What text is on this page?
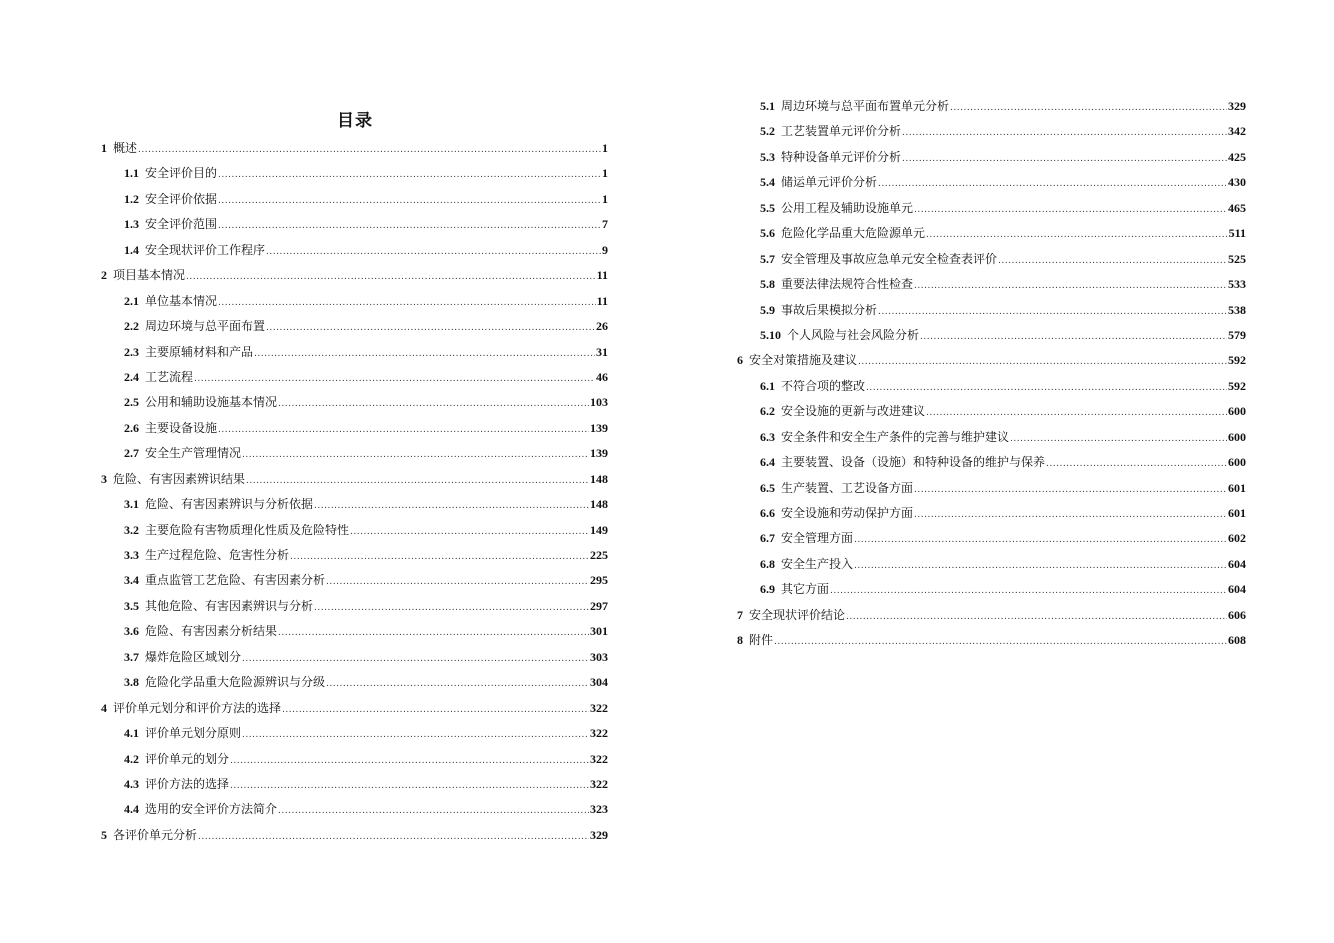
目录
1 概述 .....	1
1.1 安全评价目的 .....	1
1.2 安全评价依据 .....	1
1.3 安全评价范围 .....	7
1.4 安全现状评价工作程序 .....	9
2 项目基本情况 .....	11
2.1 单位基本情况 .....	11
2.2 周边环境与总平面布置 .....	26
2.3 主要原辅材料和产品 .....	31
2.4 工艺流程 .....	46
2.5 公用和辅助设施基本情况 .....	103
2.6 主要设备设施 .....	139
2.7 安全生产管理情况 .....	139
3 危险、有害因素辨识结果 .....	148
3.1 危险、有害因素辨识与分析依据 .....	148
3.2 主要危险有害物质理化性质及危险特性 .....	149
3.3 生产过程危险、危害性分析 .....	225
3.4 重点监管工艺危险、有害因素分析 .....	295
3.5 其他危险、有害因素辨识与分析 .....	297
3.6 危险、有害因素分析结果 .....	301
3.7 爆炸危险区域划分 .....	303
3.8 危险化学品重大危险源辨识与分级 .....	304
4 评价单元划分和评价方法的选择 .....	322
4.1 评价单元划分原则 .....	322
4.2 评价单元的划分 .....	322
4.3 评价方法的选择 .....	322
4.4 选用的安全评价方法简介 .....	323
5 各评价单元分析 .....	329
5.1 周边环境与总平面布置单元分析 .....	329
5.2 工艺装置单元评价分析 .....	342
5.3 特种设备单元评价分析 .....	425
5.4 储运单元评价分析 .....	430
5.5 公用工程及辅助设施单元 .....	465
5.6 危险化学品重大危险源单元 .....	511
5.7 安全管理及事故应急单元安全检查表评价 .....	525
5.8 重要法律法规符合性检查 .....	533
5.9 事故后果模拟分析 .....	538
5.10 个人风险与社会风险分析 .....	579
6 安全对策措施及建议 .....	592
6.1 不符合项的整改 .....	592
6.2 安全设施的更新与改进建议 .....	600
6.3 安全条件和安全生产条件的完善与维护建议 .....	600
6.4 主要装置、设备（设施）和特种设备的维护与保养 .....	600
6.5 生产装置、工艺设备方面 .....	601
6.6 安全设施和劳动保护方面 .....	601
6.7 安全管理方面 .....	602
6.8 安全生产投入 .....	604
6.9 其它方面 .....	604
7 安全现状评价结论 .....	606
8 附件 .....	608
